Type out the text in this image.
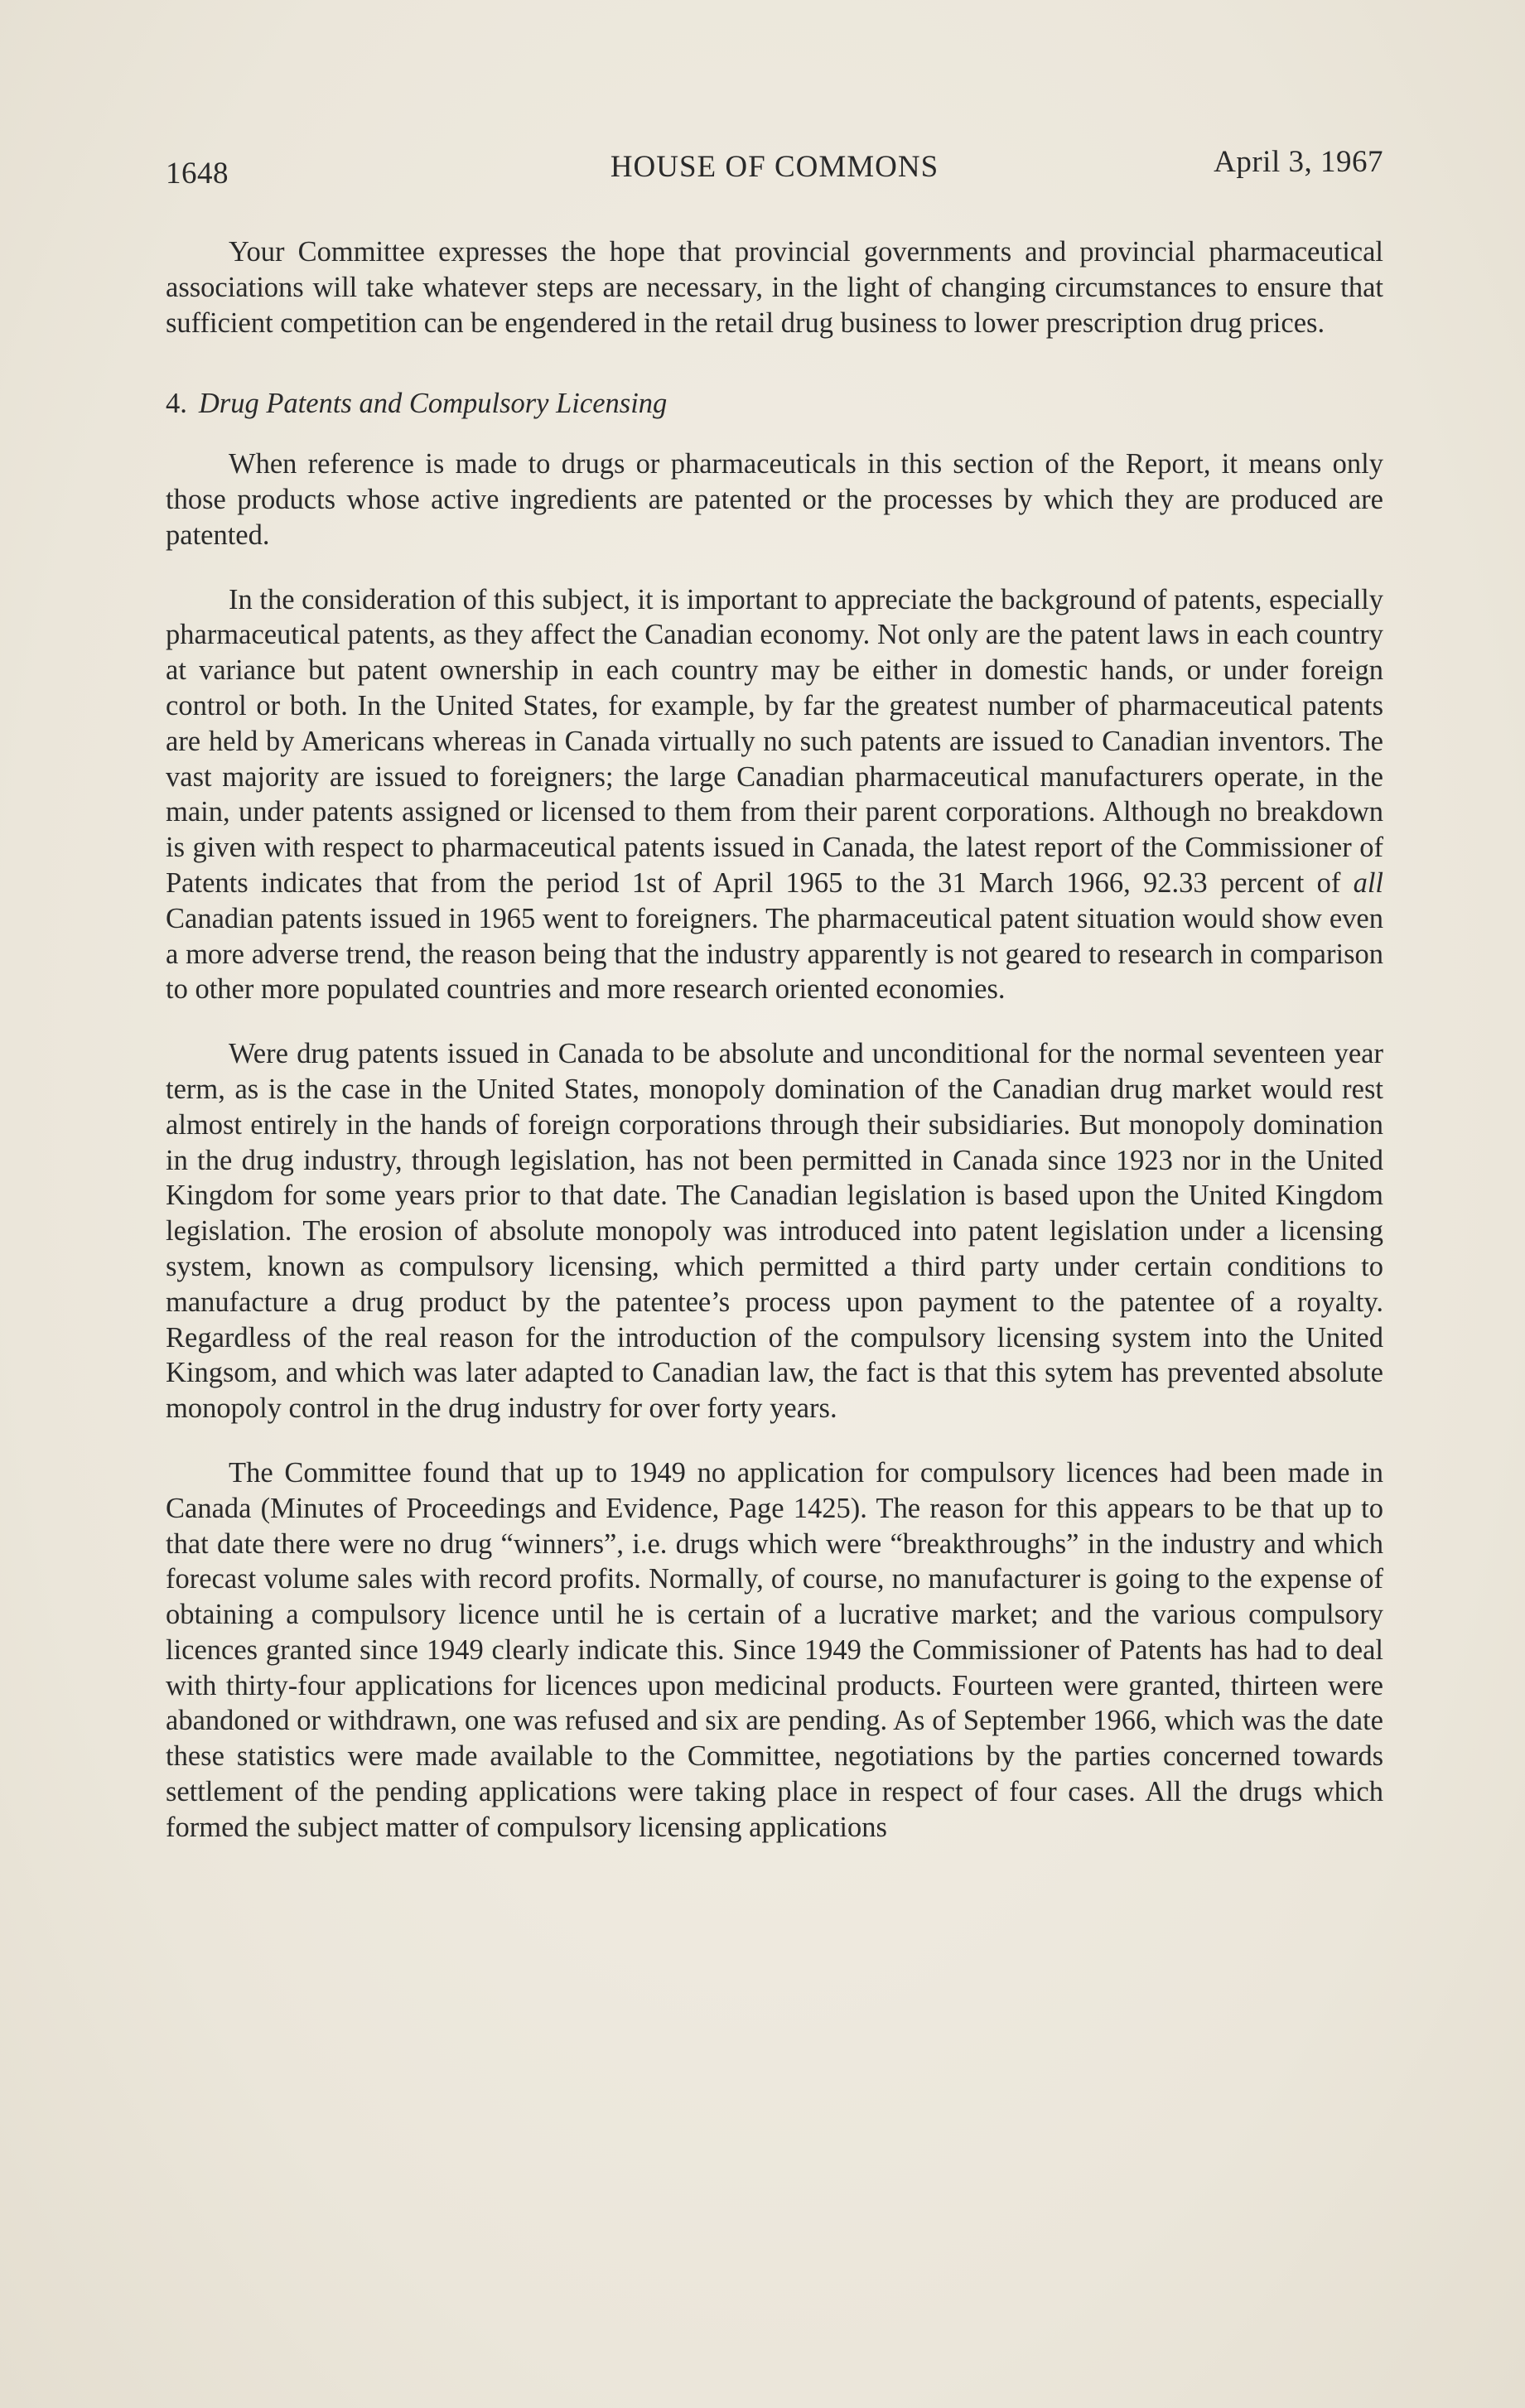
1648	HOUSE OF COMMONS	April 3, 1967

Your Committee expresses the hope that provincial governments and provincial pharmaceutical associations will take whatever steps are necessary, in the light of changing circumstances to ensure that sufficient competition can be engendered in the retail drug business to lower prescription drug prices.

4. Drug Patents and Compulsory Licensing

When reference is made to drugs or pharmaceuticals in this section of the Report, it means only those products whose active ingredients are patented or the processes by which they are produced are patented.

In the consideration of this subject, it is important to appreciate the background of patents, especially pharmaceutical patents, as they affect the Canadian economy. Not only are the patent laws in each country at variance but patent ownership in each country may be either in domestic hands, or under foreign control or both. In the United States, for example, by far the greatest number of pharmaceutical patents are held by Americans whereas in Canada virtually no such patents are issued to Canadian inventors. The vast majority are issued to foreigners; the large Canadian pharmaceutical manufacturers operate, in the main, under patents assigned or licensed to them from their parent corporations. Although no breakdown is given with respect to pharmaceutical patents issued in Canada, the latest report of the Commissioner of Patents indicates that from the period 1st of April 1965 to the 31 March 1966, 92.33 percent of all Canadian patents issued in 1965 went to foreigners. The pharmaceutical patent situation would show even a more adverse trend, the reason being that the industry apparently is not geared to research in comparison to other more populated countries and more research oriented economies.

Were drug patents issued in Canada to be absolute and unconditional for the normal seventeen year term, as is the case in the United States, monopoly domination of the Canadian drug market would rest almost entirely in the hands of foreign corporations through their subsidiaries. But monopoly domination in the drug industry, through legislation, has not been permitted in Canada since 1923 nor in the United Kingdom for some years prior to that date. The Canadian legislation is based upon the United Kingdom legislation. The erosion of absolute monopoly was introduced into patent legislation under a licensing system, known as compulsory licensing, which permitted a third party under certain conditions to manufacture a drug product by the patentee’s process upon payment to the patentee of a royalty. Regardless of the real reason for the introduction of the compulsory licensing system into the United Kingsom, and which was later adapted to Canadian law, the fact is that this sytem has prevented absolute monopoly control in the drug industry for over forty years.

The Committee found that up to 1949 no application for compulsory licences had been made in Canada (Minutes of Proceedings and Evidence, Page 1425). The reason for this appears to be that up to that date there were no drug “winners”, i.e. drugs which were “breakthroughs” in the industry and which forecast volume sales with record profits. Normally, of course, no manufacturer is going to the expense of obtaining a compulsory licence until he is certain of a lucrative market; and the various compulsory licences granted since 1949 clearly indicate this. Since 1949 the Commissioner of Patents has had to deal with thirty-four applications for licences upon medicinal products. Fourteen were granted, thirteen were abandoned or withdrawn, one was refused and six are pending. As of September 1966, which was the date these statistics were made available to the Committee, negotiations by the parties concerned towards settlement of the pending applications were taking place in respect of four cases. All the drugs which formed the subject matter of compulsory licensing applications
